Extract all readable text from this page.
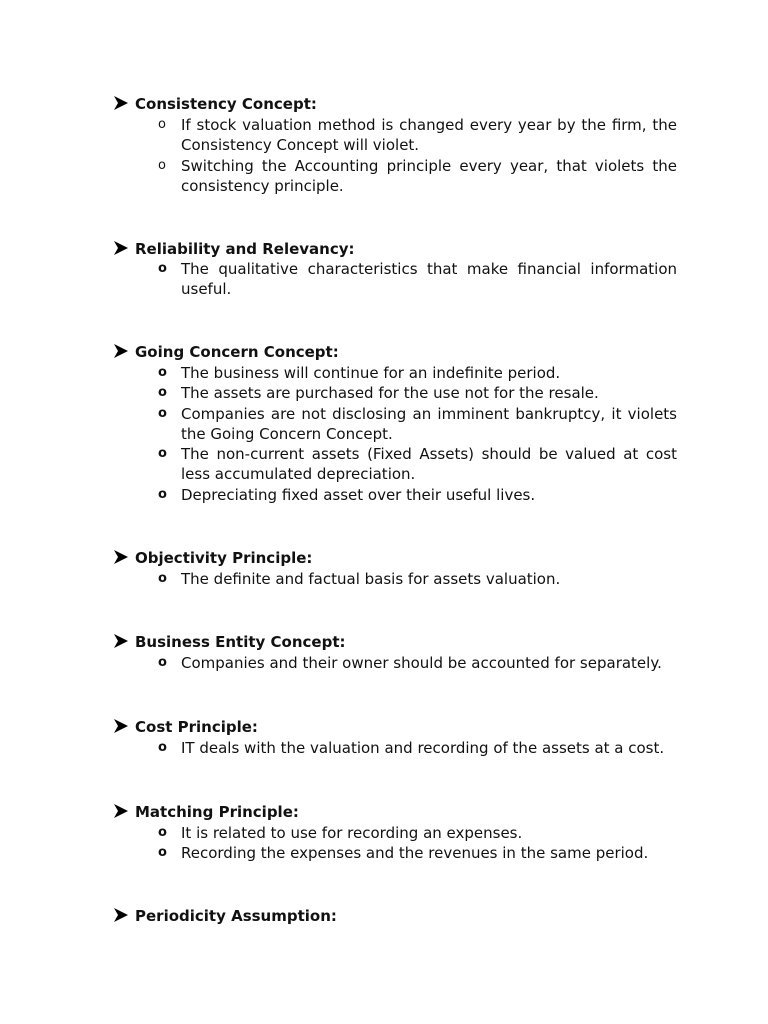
Consistency Concept:
o If stock valuation method is changed every year by the firm, the Consistency Concept will violet.
o Switching the Accounting principle every year, that violets the consistency principle.
Reliability and Relevancy:
o The qualitative characteristics that make financial information useful.
Going Concern Concept:
o The business will continue for an indefinite period.
o The assets are purchased for the use not for the resale.
o Companies are not disclosing an imminent bankruptcy, it violets the Going Concern Concept.
o The non-current assets (Fixed Assets) should be valued at cost less accumulated depreciation.
o Depreciating fixed asset over their useful lives.
Objectivity Principle:
o The definite and factual basis for assets valuation.
Business Entity Concept:
o Companies and their owner should be accounted for separately.
Cost Principle:
o IT deals with the valuation and recording of the assets at a cost.
Matching Principle:
o It is related to use for recording an expenses.
o Recording the expenses and the revenues in the same period.
Periodicity Assumption:
